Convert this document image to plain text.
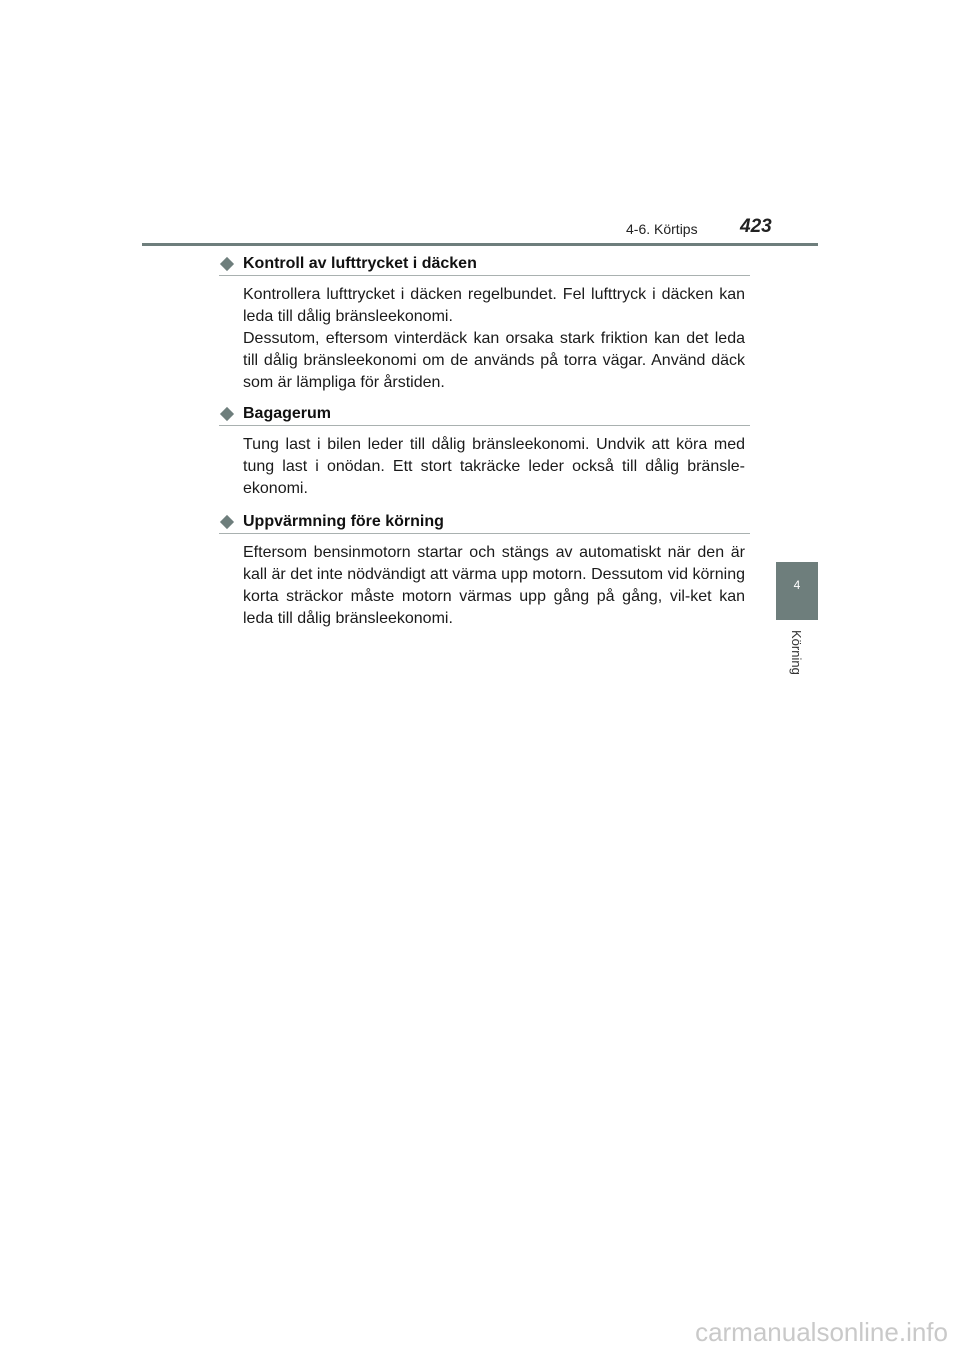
4-6. Körtips 423
4
Körning
Kontroll av lufttrycket i däcken

Kontrollera lufttrycket i däcken regelbundet. Fel lufttryck i däcken kan leda till dålig bränsleekonomi.

Dessutom, eftersom vinterdäck kan orsaka stark friktion kan det leda till dålig bränsleekonomi om de används på torra vägar. Använd däck som är lämpliga för årstiden.

Bagagerum

Tung last i bilen leder till dålig bränsleekonomi. Undvik att köra med tung last i onödan. Ett stort takräcke leder också till dålig bränsle-ekonomi.

Uppvärmning före körning

Eftersom bensinmotorn startar och stängs av automatiskt när den är kall är det inte nödvändigt att värma upp motorn. Dessutom vid körning korta sträckor måste motorn värmas upp gång på gång, vil-ket kan leda till dålig bränsleekonomi.

carmanualsonline.info
